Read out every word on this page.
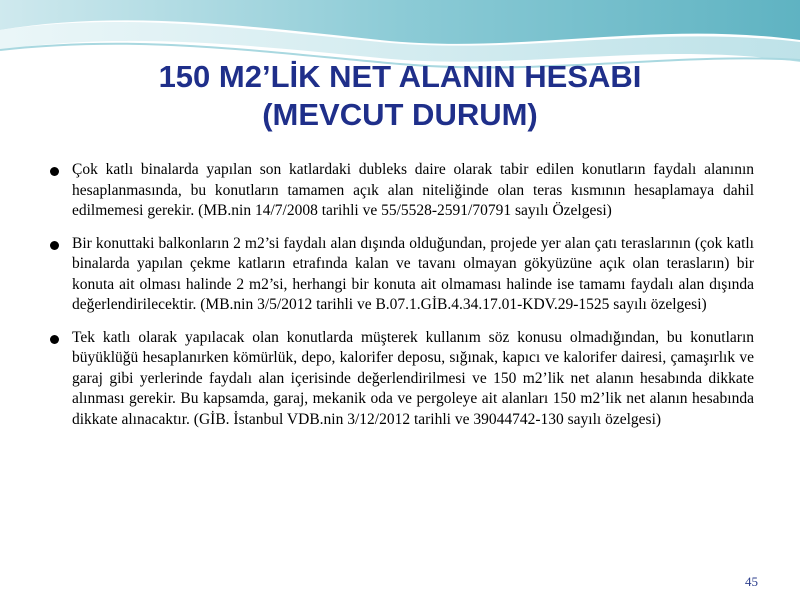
150 M2’LİK NET ALANIN HESABI
(MEVCUT DURUM)

Çok katlı binalarda yapılan son katlardaki dubleks daire olarak tabir edilen konutların faydalı alanının hesaplanmasında, bu konutların tamamen açık alan niteliğinde olan teras kısmının hesaplamaya dahil edilmemesi gerekir. (MB.nin 14/7/2008 tarihli ve 55/5528-2591/70791 sayılı Özelgesi)

Bir konuttaki balkonların 2 m2’si faydalı alan dışında olduğundan, projede yer alan çatı teraslarının (çok katlı binalarda yapılan çekme katların etrafında kalan ve tavanı olmayan gökyüzüne açık olan terasların) bir konuta ait olması halinde 2 m2’si, herhangi bir konuta ait olmaması halinde ise tamamı faydalı alan dışında değerlendirilecektir. (MB.nin 3/5/2012 tarihli ve B.07.1.GİB.4.34.17.01-KDV.29-1525 sayılı özelgesi)

Tek katlı olarak yapılacak olan konutlarda müşterek kullanım söz konusu olmadığından, bu konutların büyüklüğü hesaplanırken kömürlük, depo, kalorifer deposu, sığınak, kapıcı ve kalorifer dairesi, çamaşırlık ve garaj gibi yerlerinde faydalı alan içerisinde değerlendirilmesi ve 150 m2’lik net alanın hesabında dikkate alınması gerekir. Bu kapsamda, garaj, mekanik oda ve pergoleye ait alanları 150 m2’lik net alanın hesabında dikkate alınacaktır. (GİB. İstanbul VDB.nin 3/12/2012 tarihli ve 39044742-130 sayılı özelgesi)

45
